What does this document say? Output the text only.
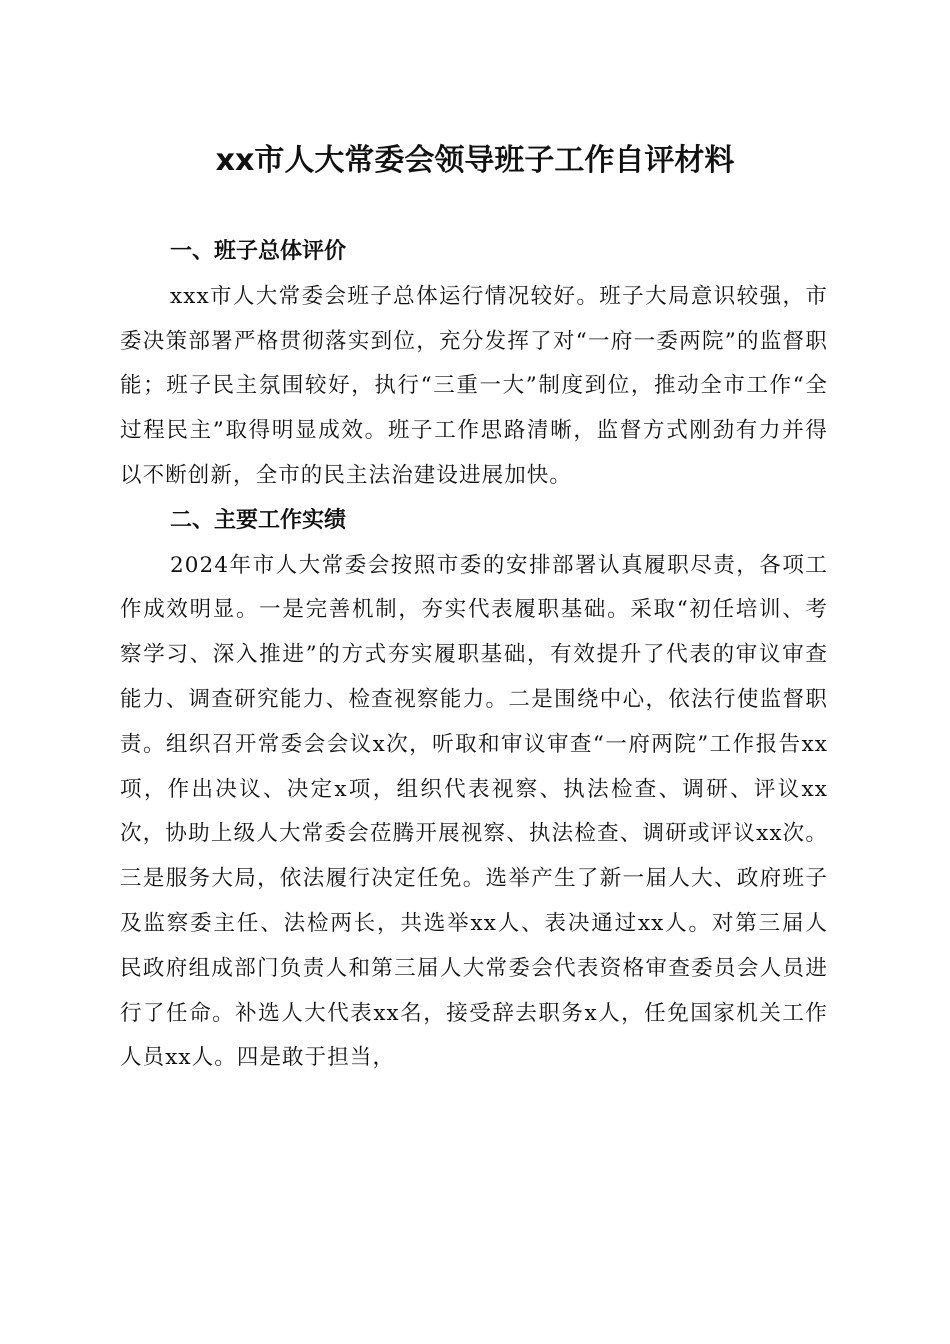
xx市人大常委会领导班子工作自评材料
一、班子总体评价

xxx市人大常委会班子总体运行情况较好。班子大局意识较强，市委决策部署严格贯彻落实到位，充分发挥了对“一府一委两院”的监督职能；班子民主氛围较好，执行“三重一大”制度到位，推动全市工作“全过程民主”取得明显成效。班子工作思路清晰，监督方式刚劲有力并得以不断创新，全市的民主法治建设进展加快。

二、主要工作实绩

2024年市人大常委会按照市委的安排部署认真履职尽责，各项工作成效明显。一是完善机制，夯实代表履职基础。采取“初任培训、考察学习、深入推进”的方式夯实履职基础，有效提升了代表的审议审查能力、调查研究能力、检查视察能力。二是围绕中心，依法行使监督职责。组织召开常委会会议x次，听取和审议审查“一府两院”工作报告xx项，作出决议、决定x项，组织代表视察、执法检查、调研、评议xx次，协助上级人大常委会莅腾开展视察、执法检查、调研或评议xx次。三是服务大局，依法履行决定任免。选举产生了新一届人大、政府班子及监察委主任、法检两长，共选举xx人、表决通过xx人。对第三届人民政府组成部门负责人和第三届人大常委会代表资格审查委员会人员进行了任命。补选人大代表xx名，接受辞去职务x人，任免国家机关工作人员xx人。四是敢于担当，
